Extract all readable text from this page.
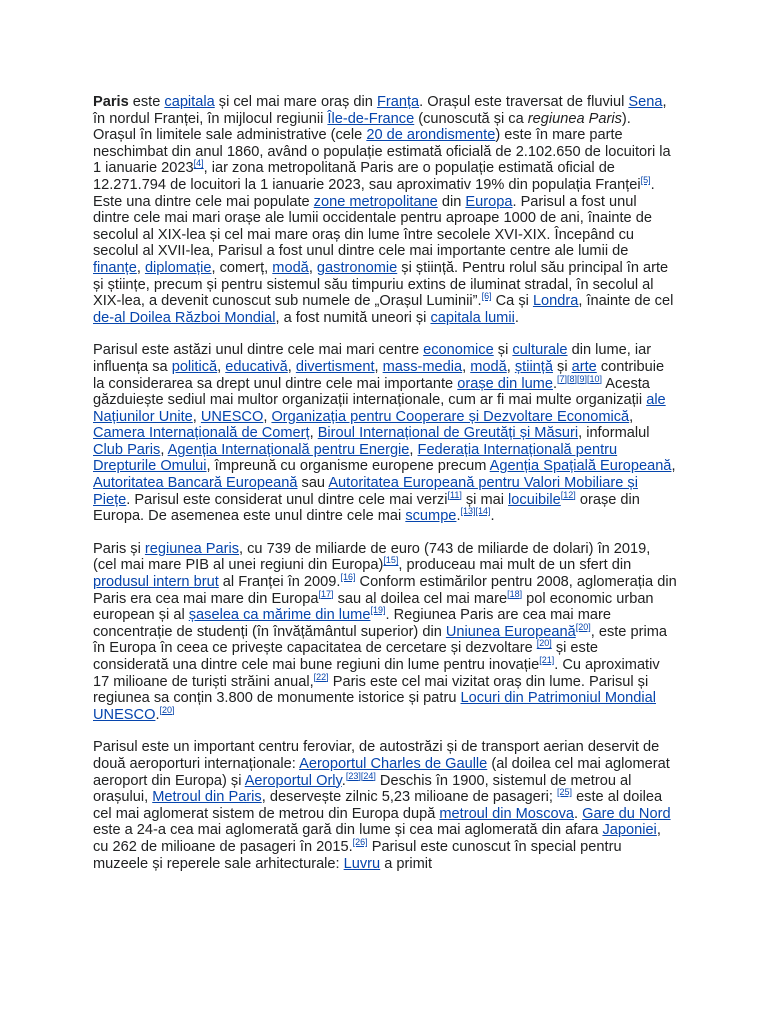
Paris este capitala și cel mai mare oraș din Franța. Orașul este traversat de fluviul Sena, în nordul Franței, în mijlocul regiunii Île-de-France (cunoscută și ca regiunea Paris). Orașul în limitele sale administrative (cele 20 de arondismente) este în mare parte neschimbat din anul 1860, având o populație estimată oficială de 2.102.650 de locuitori la 1 ianuarie 2023[4], iar zona metropolitană Paris are o populație estimată oficial de 12.271.794 de locuitori la 1 ianuarie 2023, sau aproximativ 19% din populația Franței[5]. Este una dintre cele mai populate zone metropolitane din Europa. Parisul a fost unul dintre cele mai mari orașe ale lumii occidentale pentru aproape 1000 de ani, înainte de secolul al XIX-lea și cel mai mare oraș din lume între secolele XVI-XIX. Începând cu secolul al XVII-lea, Parisul a fost unul dintre cele mai importante centre ale lumii de finanțe, diplomație, comerț, modă, gastronomie și știință. Pentru rolul său principal în arte și științe, precum și pentru sistemul său timpuriu extins de iluminat stradal, în secolul al XIX-lea, a devenit cunoscut sub numele de „Orașul Luminii”.[6] Ca și Londra, înainte de cel de-al Doilea Război Mondial, a fost numită uneori și capitala lumii.

Parisul este astăzi unul dintre cele mai mari centre economice și culturale din lume, iar influența sa politică, educativă, divertisment, mass-media, modă, știință și arte contribuie la considerarea sa drept unul dintre cele mai importante orașe din lume.[7][8][9][10] Acesta găzduiește sediul mai multor organizații internaționale, cum ar fi mai multe organizații ale Națiunilor Unite, UNESCO, Organizația pentru Cooperare și Dezvoltare Economică, Camera Internațională de Comerț, Biroul Internațional de Greutăți și Măsuri, informalul Club Paris, Agenția Internațională pentru Energie, Federația Internațională pentru Drepturile Omului, împreună cu organisme europene precum Agenția Spațială Europeană, Autoritatea Bancară Europeană sau Autoritatea Europeană pentru Valori Mobiliare și Piețe. Parisul este considerat unul dintre cele mai verzi[11] și mai locuibile[12] orașe din Europa. De asemenea este unul dintre cele mai scumpe.[13][14].

Paris și regiunea Paris, cu 739 de miliarde de euro (743 de miliarde de dolari) în 2019, (cel mai mare PIB al unei regiuni din Europa)[15], produceau mai mult de un sfert din produsul intern brut al Franței în 2009.[16] Conform estimărilor pentru 2008, aglomerația din Paris era cea mai mare din Europa[17] sau al doilea cel mai mare[18] pol economic urban european și al șaselea ca mărime din lume[19]. Regiunea Paris are cea mai mare concentrație de studenți (în învățământul superior) din Uniunea Europeană[20], este prima în Europa în ceea ce privește capacitatea de cercetare și dezvoltare [20] și este considerată una dintre cele mai bune regiuni din lume pentru inovație[21]. Cu aproximativ 17 milioane de turiști străini anual,[22] Paris este cel mai vizitat oraș din lume. Parisul și regiunea sa conțin 3.800 de monumente istorice și patru Locuri din Patrimoniul Mondial UNESCO.[20]

Parisul este un important centru feroviar, de autostrăzi și de transport aerian deservit de două aeroporturi internaționale: Aeroportul Charles de Gaulle (al doilea cel mai aglomerat aeroport din Europa) și Aeroportul Orly.[23][24] Deschis în 1900, sistemul de metrou al orașului, Metroul din Paris, deservește zilnic 5,23 milioane de pasageri; [25] este al doilea cel mai aglomerat sistem de metrou din Europa după metroul din Moscova. Gare du Nord este a 24-a cea mai aglomerată gară din lume și cea mai aglomerată din afara Japoniei, cu 262 de milioane de pasageri în 2015.[26] Parisul este cunoscut în special pentru muzeele și reperele sale arhitecturale: Luvru a primit
